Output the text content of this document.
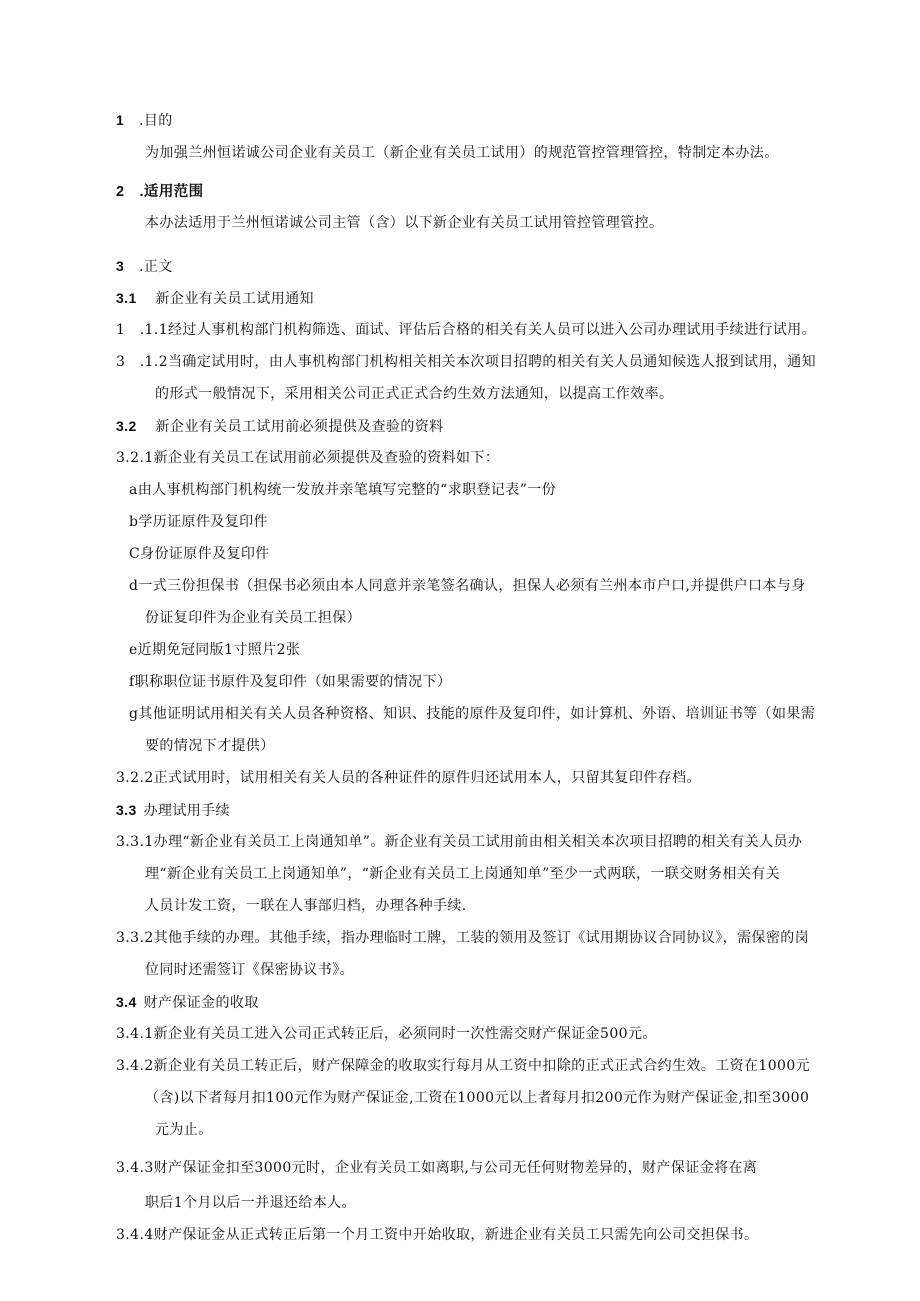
1 .目的
为加强兰州恒诺诚公司企业有关员工（新企业有关员工试用）的规范管控管理管控，特制定本办法。
2 .适用范围
本办法适用于兰州恒诺诚公司主管（含）以下新企业有关员工试用管控管理管控。
3 .正文
3.1 新企业有关员工试用通知
1　.1.1经过人事机构部门机构筛选、面试、评估后合格的相关有关人员可以进入公司办理试用手续进行试用。
3　.1.2当确定试用时，由人事机构部门机构相关相关本次项目招聘的相关有关人员通知候选人报到试用，通知
的形式一般情况下，采用相关公司正式正式合约生效方法通知，以提高工作效率。
3.2 新企业有关员工试用前必须提供及查验的资料
3.2.1新企业有关员工在试用前必须提供及查验的资料如下：
a由人事机构部门机构统一发放并亲笔填写完整的“求职登记表”一份
b学历证原件及复印件
C身份证原件及复印件
d一式三份担保书（担保书必须由本人同意并亲笔签名确认，担保人必须有兰州本市户口,并提供户口本与身
份证复印件为企业有关员工担保）
e近期免冠同版1寸照片2张
f职称职位证书原件及复印件（如果需要的情况下）
g其他证明试用相关有关人员各种资格、知识、技能的原件及复印件，如计算机、外语、培训证书等（如果需
要的情况下才提供）
3.2.2正式试用时，试用相关有关人员的各种证件的原件归还试用本人，只留其复印件存档。
3.3 办理试用手续
3.3.1办理“新企业有关员工上岗通知单”。新企业有关员工试用前由相关相关本次项目招聘的相关有关人员办
理“新企业有关员工上岗通知单”，“新企业有关员工上岗通知单”至少一式两联，一联交财务相关有关
人员计发工资，一联在人事部归档，办理各种手续.
3.3.2其他手续的办理。其他手续，指办理临时工牌，工装的领用及签订《试用期协议合同协议》，需保密的岗
位同时还需签订《保密协议书》。
3.4 财产保证金的收取
3.4.1新企业有关员工进入公司正式转正后，必须同时一次性需交财产保证金500元。
3.4.2新企业有关员工转正后，财产保障金的收取实行每月从工资中扣除的正式正式合约生效。工资在1000元
（含)以下者每月扣100元作为财产保证金,工资在1000元以上者每月扣200元作为财产保证金,扣至3000
元为止。
3.4.3财产保证金扣至3000元时，企业有关员工如离职,与公司无任何财物差异的，财产保证金将在离
职后1个月以后一并退还给本人。
3.4.4财产保证金从正式转正后第一个月工资中开始收取，新进企业有关员工只需先向公司交担保书。
